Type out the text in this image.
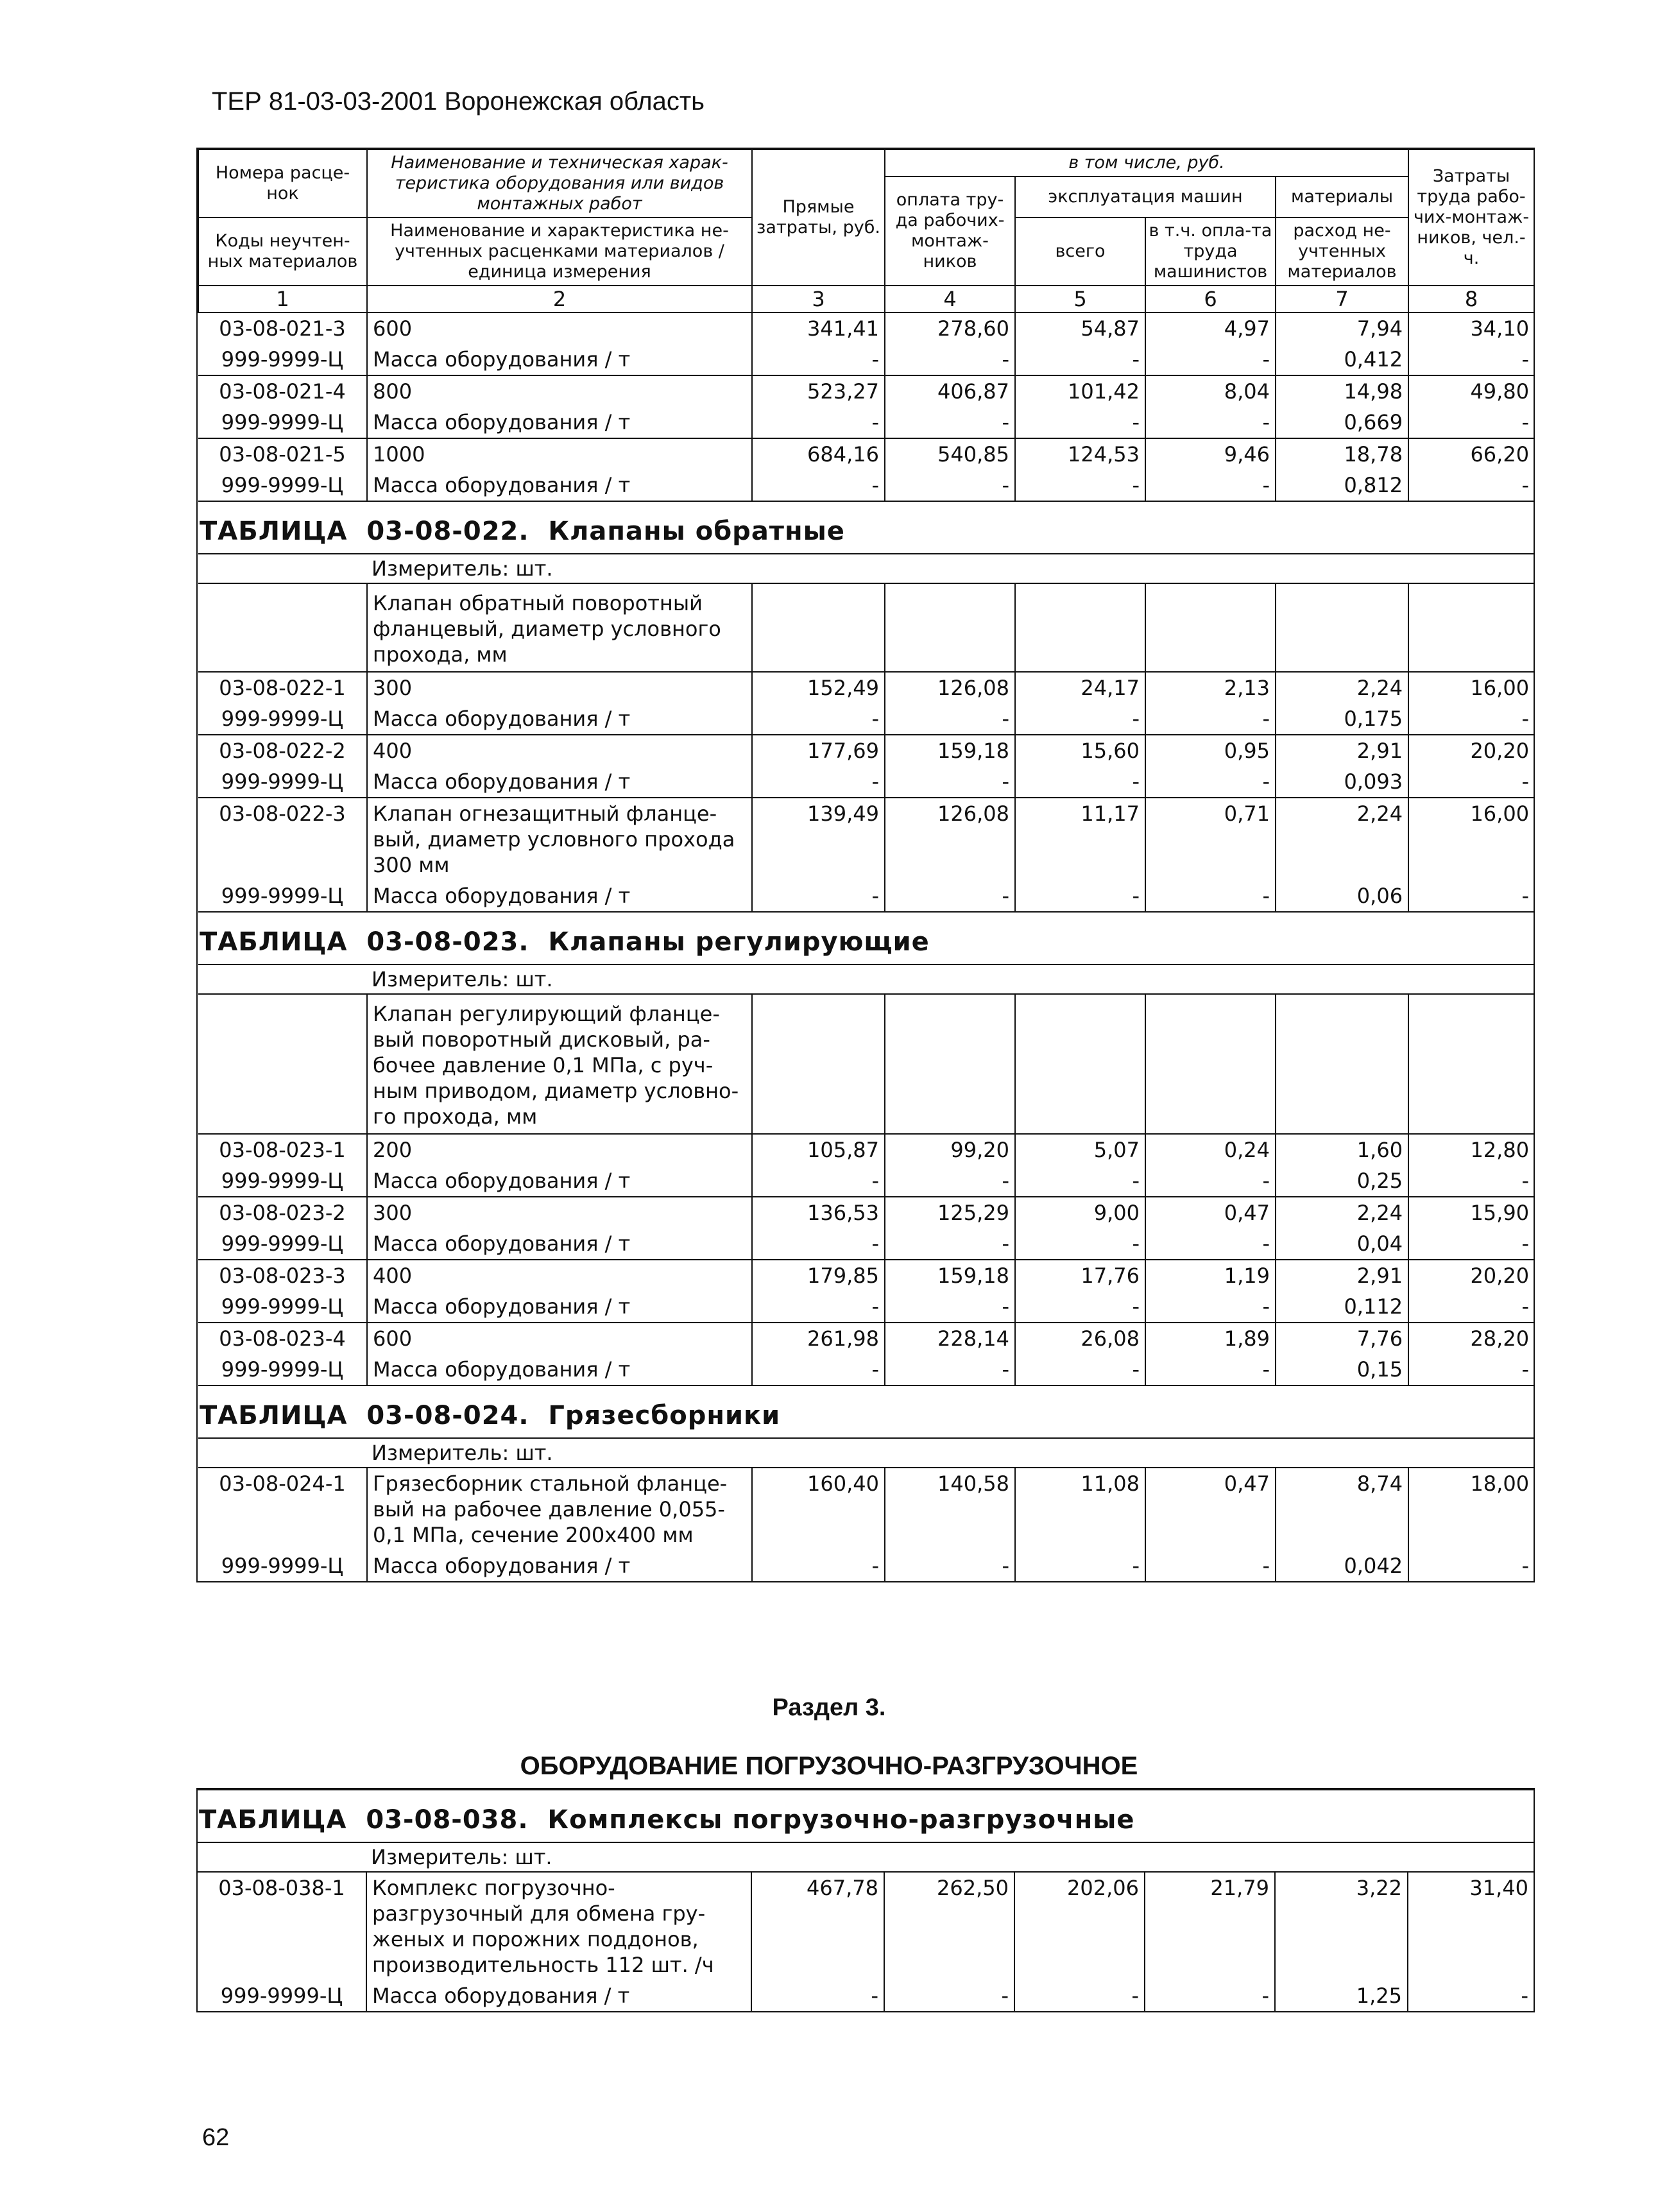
ТЕР 81-03-03-2001 Воронежская область
Номера расце-нок	Наименование и техническая харак-теристика оборудования или видов монтажных работ	Прямые затраты, руб.	в том числе, руб.				Затраты труда рабо-чих-монтаж-ников, чел.-ч.
			оплата тру-да рабочих-монтаж-ников	эксплуатация машин		материалы	
Коды неучтен-ных материалов	Наименование и характеристика не-учтенных расценками материалов / единица измерения			всего	в т.ч. опла-та труда машинистов	расход не-учтенных материалов	

1	2	3	4	5	6	7	8
03-08-021-3	600	341,41	278,60	54,87	4,97	7,94	34,10
999-9999-Ц	Масса оборудования / т	-	-	-	-	0,412	-
03-08-021-4	800	523,27	406,87	101,42	8,04	14,98	49,80
999-9999-Ц	Масса оборудования / т	-	-	-	-	0,669	-
03-08-021-5	1000	684,16	540,85	124,53	9,46	18,78	66,20
999-9999-Ц	Масса оборудования / т	-	-	-	-	0,812	-
ТАБЛИЦА  03-08-022.  Клапаны обратные							
Измеритель: шт.							
	Клапан обратный поворотный фланцевый, диаметр условного прохода, мм						
03-08-022-1	300	152,49	126,08	24,17	2,13	2,24	16,00
999-9999-Ц	Масса оборудования / т	-	-	-	-	0,175	-
03-08-022-2	400	177,69	159,18	15,60	0,95	2,91	20,20
999-9999-Ц	Масса оборудования / т	-	-	-	-	0,093	-
03-08-022-3	Клапан огнезащитный фланце-вый, диаметр условного прохода 300 мм	139,49	126,08	11,17	0,71	2,24	16,00
999-9999-Ц	Масса оборудования / т	-	-	-	-	0,06	-
ТАБЛИЦА  03-08-023.  Клапаны регулирующие							
Измеритель: шт.							
	Клапан регулирующий фланце-вый поворотный дисковый, ра-бочее давление 0,1 МПа, с руч-ным приводом, диаметр условно-го прохода, мм						
03-08-023-1	200	105,87	99,20	5,07	0,24	1,60	12,80
999-9999-Ц	Масса оборудования / т	-	-	-	-	0,25	-
03-08-023-2	300	136,53	125,29	9,00	0,47	2,24	15,90
999-9999-Ц	Масса оборудования / т	-	-	-	-	0,04	-
03-08-023-3	400	179,85	159,18	17,76	1,19	2,91	20,20
999-9999-Ц	Масса оборудования / т	-	-	-	-	0,112	-
03-08-023-4	600	261,98	228,14	26,08	1,89	7,76	28,20
999-9999-Ц	Масса оборудования / т	-	-	-	-	0,15	-
ТАБЛИЦА  03-08-024.  Грязесборники							
Измеритель: шт.							
03-08-024-1	Грязесборник стальной фланце-вый на рабочее давление 0,055-0,1 МПа, сечение 200х400 мм	160,40	140,58	11,08	0,47	8,74	18,00
999-9999-Ц	Масса оборудования / т	-	-	-	-	0,042	-
Раздел 3.
ОБОРУДОВАНИЕ ПОГРУЗОЧНО-РАЗГРУЗОЧНОЕ
ТАБЛИЦА  03-08-038.  Комплексы погрузочно-разгрузочные							
Измеритель: шт.							
03-08-038-1	Комплекс погрузочно-разгрузочный для обмена гру-женых и порожних поддонов, производительность 112 шт. /ч	467,78	262,50	202,06	21,79	3,22	31,40
999-9999-Ц	Масса оборудования / т	-	-	-	-	1,25	-
62
